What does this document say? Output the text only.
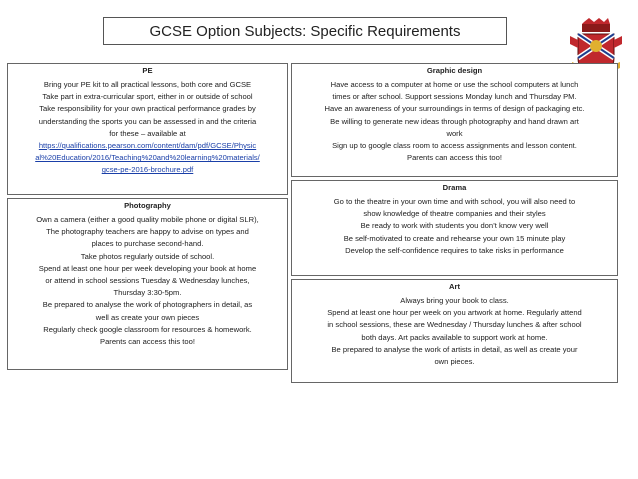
GCSE Option Subjects: Specific Requirements
PE
Bring your PE kit to all practical lessons, both core and GCSE
Take part in extra-curricular sport, either in or outside of school
Take responsibility for your own practical performance grades by
understanding the sports you can be assessed in and the criteria
for these – available at
https://qualifications.pearson.com/content/dam/pdf/GCSE/Physic
al%20Education/2016/Teaching%20and%20learning%20materials/
gcse-pe-2016-brochure.pdf
Photography
Own a camera (either a good quality mobile phone or digital SLR),
The photography teachers are happy to advise on types and
places to purchase second-hand.
Take photos regularly outside of school.
Spend at least one hour per week developing your book at home
or attend in school sessions Tuesday & Wednesday lunches,
Thursday 3:30-5pm.
Be prepared to analyse the work of photographers in detail, as
well as create your own pieces
Regularly check google classroom for resources & homework.
Parents can access this too!
Graphic design
Have access to a computer at home or use the school computers at lunch
times or after school. Support sessions Monday lunch and Thursday PM.
Have an awareness of your surroundings in terms of design of packaging etc.
Be willing to generate new ideas through photography and hand drawn art
work
Sign up to google class room to access assignments and lesson content.
Parents can access this too!
Drama
Go to the theatre in your own time and with school, you will also need to
show knowledge of theatre companies and their styles
Be ready to work with students you don’t know very well
Be self-motivated to create and rehearse your own 15 minute play
Develop the self-confidence requires to take risks in performance
Art
Always bring your book to class.
Spend at least one hour per week on you artwork at home. Regularly attend
in school sessions, these are Wednesday / Thursday lunches & after school
both days. Art packs available to support work at home.
Be prepared to analyse the work of artists in detail, as well as create your
own pieces.
